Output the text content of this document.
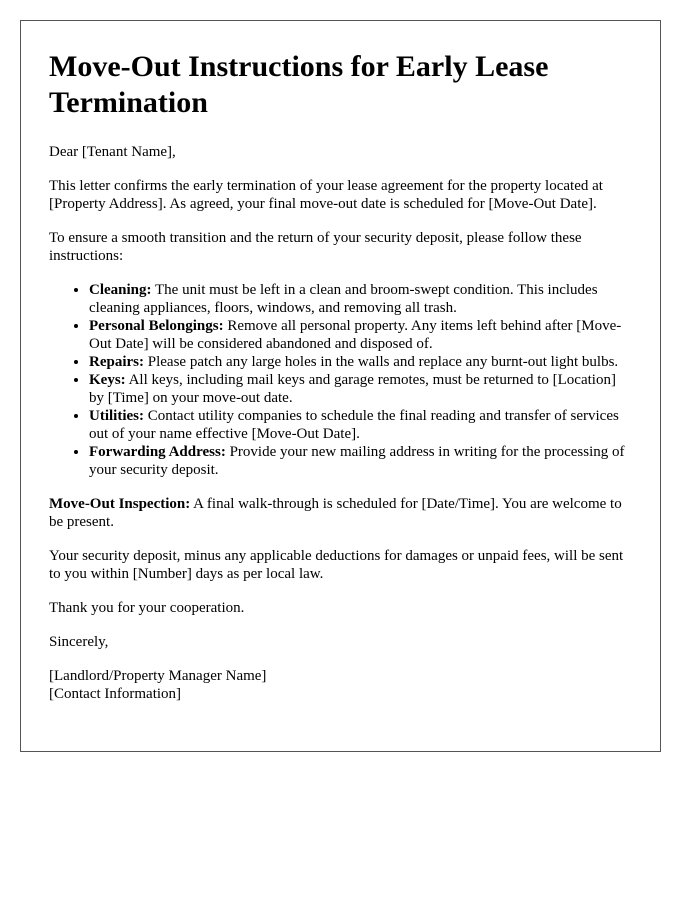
Move-Out Instructions for Early Lease Termination

Dear [Tenant Name],

This letter confirms the early termination of your lease agreement for the property located at [Property Address]. As agreed, your final move-out date is scheduled for [Move-Out Date].

To ensure a smooth transition and the return of your security deposit, please follow these instructions:

• Cleaning: The unit must be left in a clean and broom-swept condition. This includes cleaning appliances, floors, windows, and removing all trash.
• Personal Belongings: Remove all personal property. Any items left behind after [Move-Out Date] will be considered abandoned and disposed of.
• Repairs: Please patch any large holes in the walls and replace any burnt-out light bulbs.
• Keys: All keys, including mail keys and garage remotes, must be returned to [Location] by [Time] on your move-out date.
• Utilities: Contact utility companies to schedule the final reading and transfer of services out of your name effective [Move-Out Date].
• Forwarding Address: Provide your new mailing address in writing for the processing of your security deposit.

Move-Out Inspection: A final walk-through is scheduled for [Date/Time]. You are welcome to be present.

Your security deposit, minus any applicable deductions for damages or unpaid fees, will be sent to you within [Number] days as per local law.

Thank you for your cooperation.

Sincerely,

[Landlord/Property Manager Name]
[Contact Information]
